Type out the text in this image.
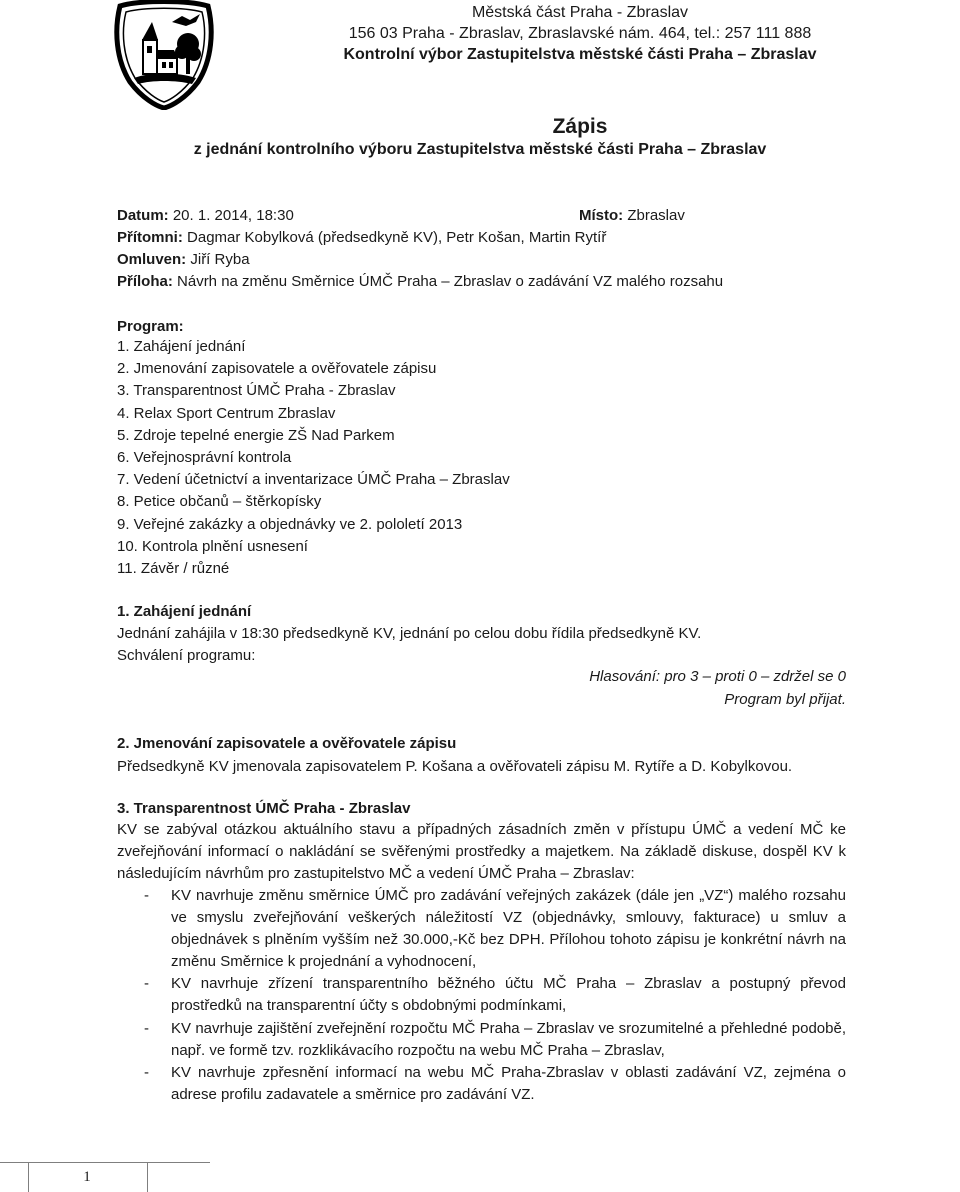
Městská část Praha - Zbraslav
156 03 Praha - Zbraslav, Zbraslavské nám. 464, tel.: 257 111 888
Kontrolní výbor Zastupitelstva městské části Praha – Zbraslav
Zápis
z jednání kontrolního výboru Zastupitelstva městské části Praha – Zbraslav
Datum: 20. 1. 2014, 18:30	Místo: Zbraslav
Přítomni: Dagmar Kobylková (předsedkyně KV), Petr Košan, Martin Rytíř
Omluven: Jiří Ryba
Příloha: Návrh na změnu Směrnice ÚMČ Praha – Zbraslav o zadávání VZ malého rozsahu
Program:
1. Zahájení jednání
2. Jmenování zapisovatele a ověřovatele zápisu
3. Transparentnost ÚMČ Praha - Zbraslav
4. Relax Sport Centrum Zbraslav
5. Zdroje tepelné energie ZŠ Nad Parkem
6. Veřejnosprávní kontrola
7. Vedení účetnictví a inventarizace ÚMČ Praha – Zbraslav
8. Petice občanů – štěrkopísky
9. Veřejné zakázky a objednávky ve 2. pololetí 2013
10. Kontrola plnění usnesení
11. Závěr / různé
1. Zahájení jednání
Jednání zahájila v 18:30 předsedkyně KV, jednání po celou dobu řídila předsedkyně KV.
Schválení programu:
Hlasování: pro 3 – proti 0 – zdržel se 0
Program byl přijat.
2. Jmenování zapisovatele a ověřovatele zápisu
Předsedkyně KV jmenovala zapisovatelem P. Košana a ověřovateli zápisu M. Rytíře a D. Kobylkovou.
3. Transparentnost ÚMČ Praha - Zbraslav
KV se zabýval otázkou aktuálního stavu a případných zásadních změn v přístupu ÚMČ a vedení MČ ke zveřejňování informací o nakládání se svěřenými prostředky a majetkem. Na základě diskuse, dospěl KV k následujícím návrhům pro zastupitelstvo MČ a vedení ÚMČ Praha – Zbraslav:
- KV navrhuje změnu směrnice ÚMČ pro zadávání veřejných zakázek (dále jen „VZ“) malého rozsahu ve smyslu zveřejňování veškerých náležitostí VZ (objednávky, smlouvy, fakturace) u smluv a objednávek s plněním vyšším než 30.000,-Kč bez DPH. Přílohou tohoto zápisu je konkrétní návrh na změnu Směrnice k projednání a vyhodnocení,
- KV navrhuje zřízení transparentního běžného účtu MČ Praha – Zbraslav a postupný převod prostředků na transparentní účty s obdobnými podmínkami,
- KV navrhuje zajištění zveřejnění rozpočtu MČ Praha – Zbraslav ve srozumitelné a přehledné podobě, např. ve formě tzv. rozklikávacího rozpočtu na webu MČ Praha – Zbraslav,
- KV navrhuje zpřesnění informací na webu MČ Praha-Zbraslav v oblasti zadávání VZ, zejména o adrese profilu zadavatele a směrnice pro zadávání VZ.
1
